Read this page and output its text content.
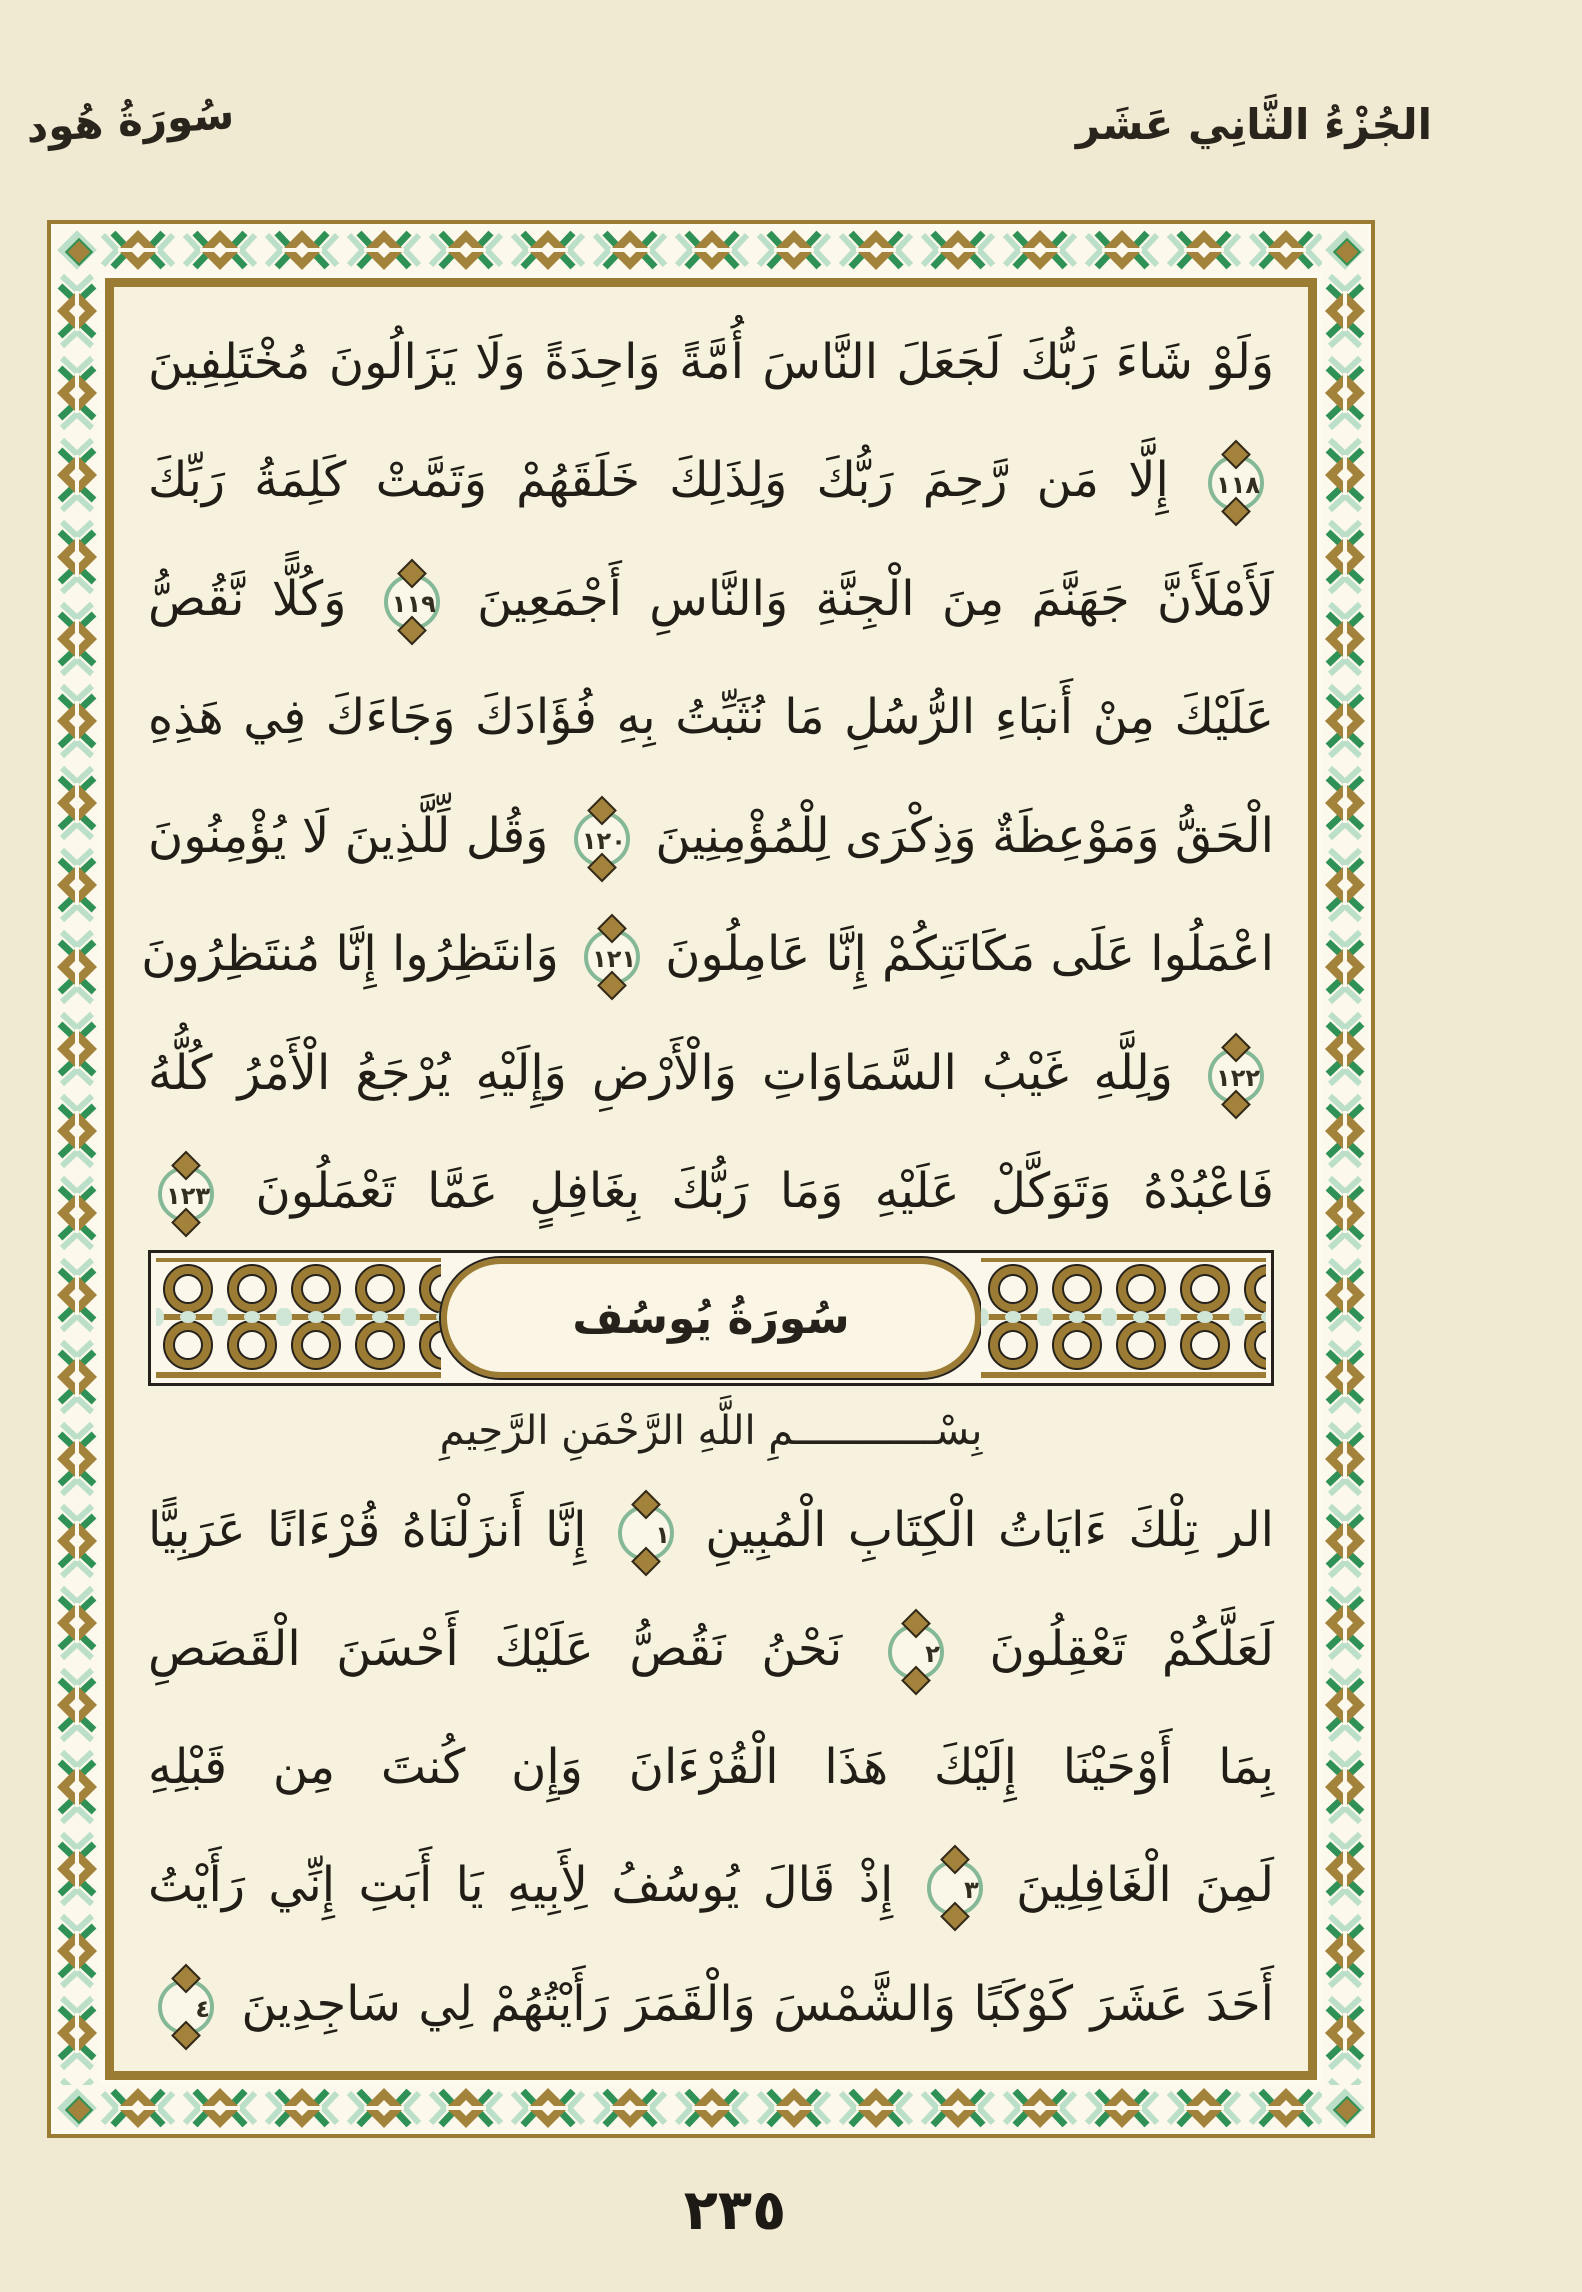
سُورَةُ هُود	الجُزْءُ الثَّانِي عَشَر
وَلَوْ شَاءَ رَبُّكَ لَجَعَلَ النَّاسَ أُمَّةً وَاحِدَةً وَلَا يَزَالُونَ مُخْتَلِفِينَ
١١٨ إِلَّا مَن رَّحِمَ رَبُّكَ وَلِذَلِكَ خَلَقَهُمْ وَتَمَّتْ كَلِمَةُ رَبِّكَ
لَأَمْلَأَنَّ جَهَنَّمَ مِنَ الْجِنَّةِ وَالنَّاسِ أَجْمَعِينَ ١١٩ وَكُلًّا نَّقُصُّ
عَلَيْكَ مِنْ أَنبَاءِ الرُّسُلِ مَا نُثَبِّتُ بِهِ فُؤَادَكَ وَجَاءَكَ فِي هَذِهِ
الْحَقُّ وَمَوْعِظَةٌ وَذِكْرَى لِلْمُؤْمِنِينَ ١٢٠ وَقُل لِّلَّذِينَ لَا يُؤْمِنُونَ
اعْمَلُوا عَلَى مَكَانَتِكُمْ إِنَّا عَامِلُونَ ١٢١ وَانتَظِرُوا إِنَّا مُنتَظِرُونَ
١٢٢ وَلِلَّهِ غَيْبُ السَّمَاوَاتِ وَالْأَرْضِ وَإِلَيْهِ يُرْجَعُ الْأَمْرُ كُلُّهُ
فَاعْبُدْهُ وَتَوَكَّلْ عَلَيْهِ وَمَا رَبُّكَ بِغَافِلٍ عَمَّا تَعْمَلُونَ ١٢٣
سُورَةُ يُوسُف
بِسْــــــــــــمِ اللَّهِ الرَّحْمَنِ الرَّحِيمِ
الر تِلْكَ ءَايَاتُ الْكِتَابِ الْمُبِينِ ١ إِنَّا أَنزَلْنَاهُ قُرْءَانًا عَرَبِيًّا
لَعَلَّكُمْ تَعْقِلُونَ ٢ نَحْنُ نَقُصُّ عَلَيْكَ أَحْسَنَ الْقَصَصِ
بِمَا أَوْحَيْنَا إِلَيْكَ هَذَا الْقُرْءَانَ وَإِن كُنتَ مِن قَبْلِهِ
لَمِنَ الْغَافِلِينَ ٣ إِذْ قَالَ يُوسُفُ لِأَبِيهِ يَا أَبَتِ إِنِّي رَأَيْتُ
أَحَدَ عَشَرَ كَوْكَبًا وَالشَّمْسَ وَالْقَمَرَ رَأَيْتُهُمْ لِي سَاجِدِينَ ٤
٢٣٥
